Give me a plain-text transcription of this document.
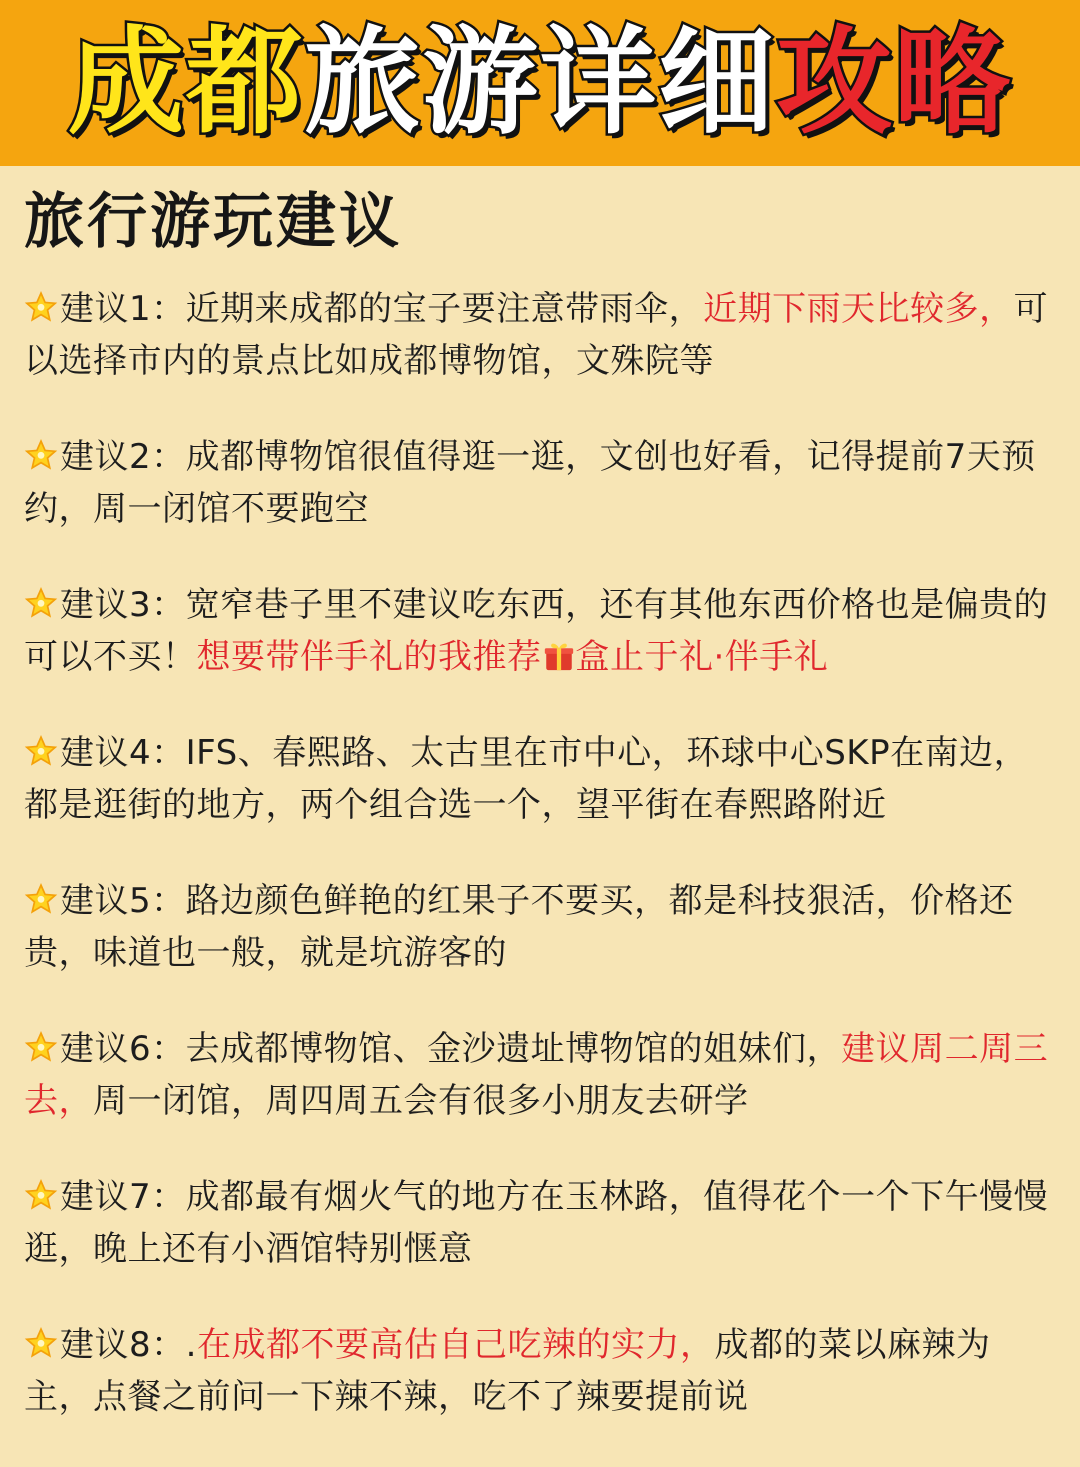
成都旅游详细攻略
旅行游玩建议
建议1：近期来成都的宝子要注意带雨伞，近期下雨天比较多，可以选择市内的景点比如成都博物馆，文殊院等
建议2：成都博物馆很值得逛一逛，文创也好看，记得提前7天预约，周一闭馆不要跑空
建议3：宽窄巷子里不建议吃东西，还有其他东西价格也是偏贵的可以不买！想要带伴手礼的我推荐 盒止于礼·伴手礼
建议4：IFS、春熙路、太古里在市中心，环球中心SKP在南边，都是逛街的地方，两个组合选一个，望平街在春熙路附近
建议5：路边颜色鲜艳的红果子不要买，都是科技狠活，价格还贵，味道也一般，就是坑游客的
建议6：去成都博物馆、金沙遗址博物馆的姐妹们，建议周二周三去，周一闭馆，周四周五会有很多小朋友去研学
建议7：成都最有烟火气的地方在玉林路，值得花个一个下午慢慢逛，晚上还有小酒馆特别惬意
建议8：.在成都不要高估自己吃辣的实力，成都的菜以麻辣为主，点餐之前问一下辣不辣，吃不了辣要提前说
